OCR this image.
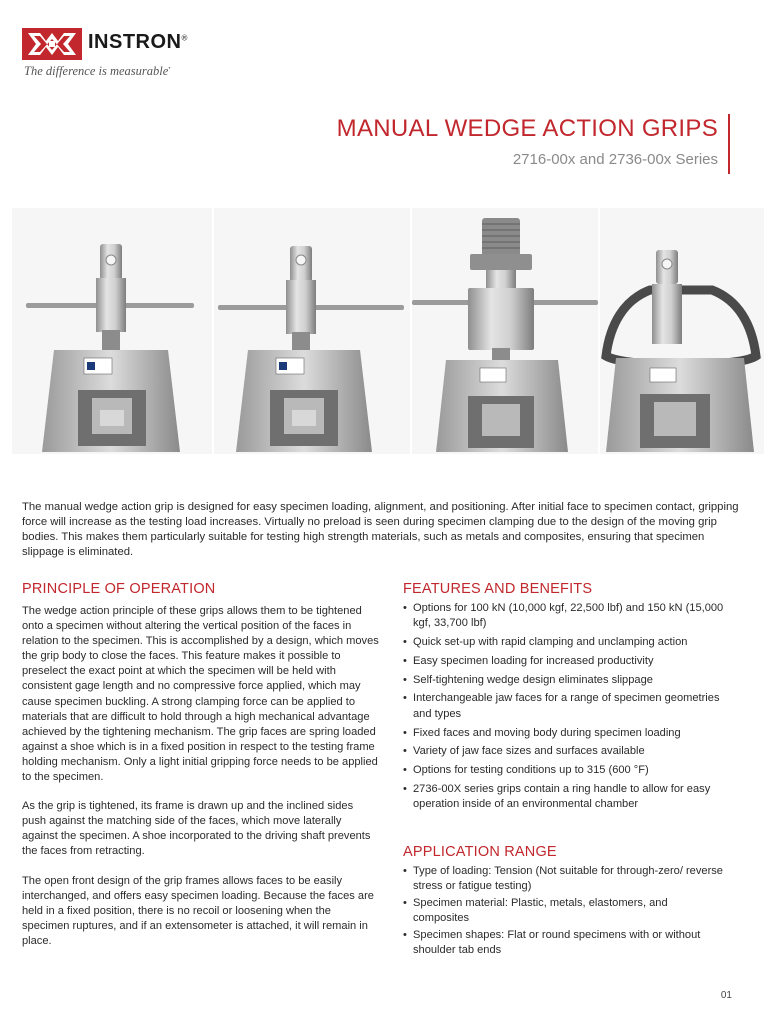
INSTRON®
The difference is measurable•
MANUAL WEDGE ACTION GRIPS
2716-00x and 2736-00x Series
The manual wedge action grip is designed for easy specimen loading, alignment, and positioning. After initial face to specimen contact, gripping force will increase as the testing load increases. Virtually no preload is seen during specimen clamping due to the design of the moving grip bodies. This makes them particularly suitable for testing high strength materials, such as metals and composites, ensuring that specimen slippage is eliminated.
PRINCIPLE OF OPERATION

The wedge action principle of these grips allows them to be tightened onto a specimen without altering the vertical position of the faces in relation to the specimen. This is accomplished by a design, which moves the grip body to close the faces. This feature makes it possible to preselect the exact point at which the specimen will be held with consistent gage length and no compressive force applied, which may cause specimen buckling. A strong clamping force can be applied to materials that are difficult to hold through a high mechanical advantage achieved by the tightening mechanism. The grip faces are spring loaded against a shoe which is in a fixed position in respect to the testing frame holding mechanism. Only a light initial gripping force needs to be applied to the specimen.

As the grip is tightened, its frame is drawn up and the inclined sides push against the matching side of the faces, which move laterally against the specimen. A shoe incorporated to the driving shaft prevents the faces from retracting.

The open front design of the grip frames allows faces to be easily interchanged, and offers easy specimen loading. Because the faces are held in a fixed position, there is no recoil or loosening when the specimen ruptures, and if an extensometer is attached, it will remain in place.

FEATURES AND BENEFITS
• Options for 100 kN (10,000 kgf, 22,500 lbf) and 150 kN (15,000 kgf, 33,700 lbf)
• Quick set-up with rapid clamping and unclamping action
• Easy specimen loading for increased productivity
• Self-tightening wedge design eliminates slippage
• Interchangeable jaw faces for a range of specimen geometries and types
• Fixed faces and moving body during specimen loading
• Variety of jaw face sizes and surfaces available
• Options for testing conditions up to 315 (600 °F)
• 2736-00X series grips contain a ring handle to allow for easy operation inside of an environmental chamber
APPLICATION RANGE
• Type of loading: Tension (Not suitable for through-zero/ reverse stress or fatigue testing)
• Specimen material: Plastic, metals, elastomers, and composites
• Specimen shapes: Flat or round specimens with or without shoulder tab ends
01
